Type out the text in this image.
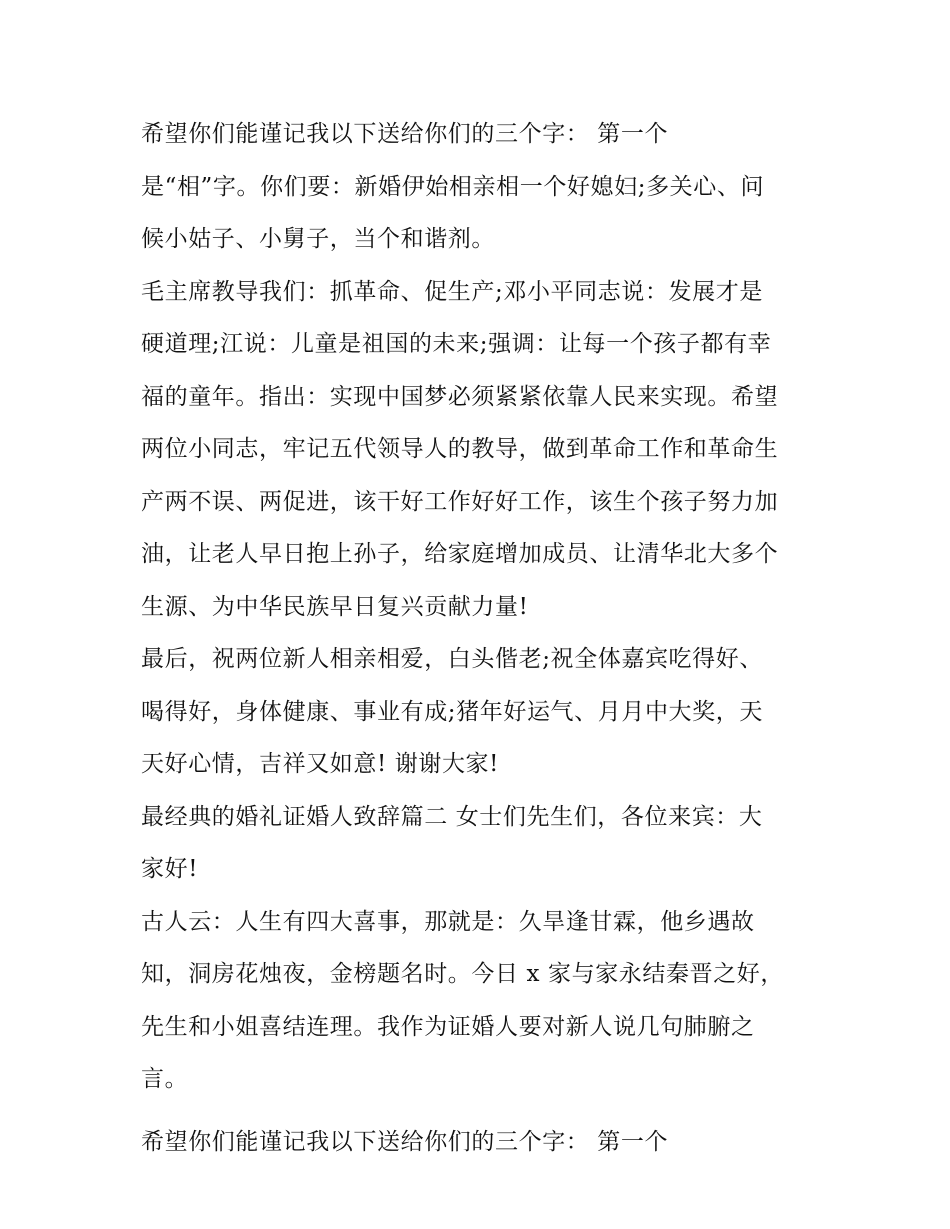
希望你们能谨记我以下送给你们的三个字： 第一个
是“相”字。你们要：新婚伊始相亲相一个好媳妇;多关心、问
候小姑子、小舅子，当个和谐剂。
毛主席教导我们：抓革命、促生产;邓小平同志说：发展才是
硬道理;江说：儿童是祖国的未来;强调：让每一个孩子都有幸
福的童年。指出：实现中国梦必须紧紧依靠人民来实现。希望
两位小同志，牢记五代领导人的教导，做到革命工作和革命生
产两不误、两促进，该干好工作好好工作，该生个孩子努力加
油，让老人早日抱上孙子，给家庭增加成员、让清华北大多个
生源、为中华民族早日复兴贡献力量!
最后，祝两位新人相亲相爱，白头偕老;祝全体嘉宾吃得好、
喝得好，身体健康、事业有成;猪年好运气、月月中大奖，天
天好心情，吉祥又如意! 谢谢大家!
最经典的婚礼证婚人致辞篇二 女士们先生们，各位来宾：大
家好!
古人云：人生有四大喜事，那就是：久旱逢甘霖，他乡遇故
知，洞房花烛夜，金榜题名时。今日 x 家与家永结秦晋之好，
先生和小姐喜结连理。我作为证婚人要对新人说几句肺腑之
言。
希望你们能谨记我以下送给你们的三个字： 第一个
